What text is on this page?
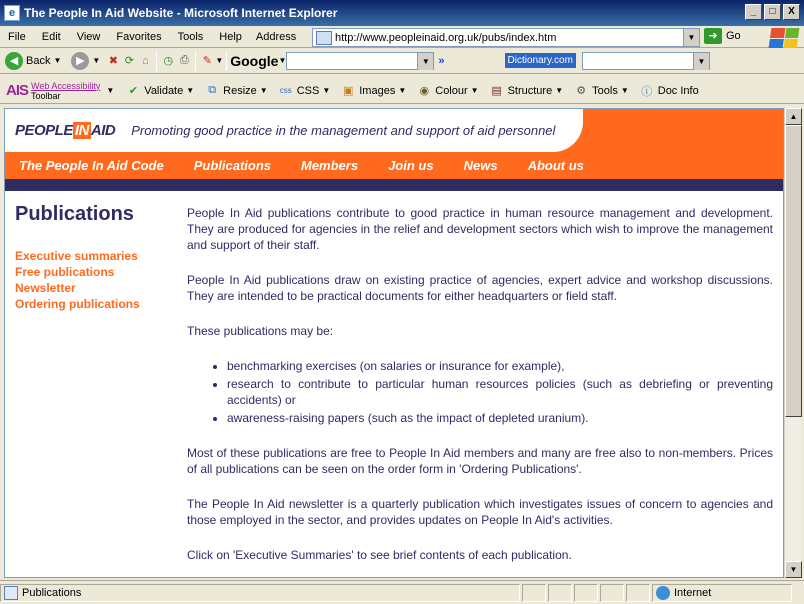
e The People In Aid Website - Microsoft Internet Explorer	_	□	X
File	Edit	View	Favorites	Tools	Help	Address	http://www.peopleinaid.org.uk/pubs/index.htm	▼	➜ Go
◀ Back ▼	▶ ▼ ✖ ⟳ ⌂	◷ ⎙	✎ ▼ Google ▼	▼ »	Dictionary.com	▼
AIS Web Accessibility
Toolbar	▼	✔ Validate ▼	⧉ Resize ▼ css CSS ▼ ▣ Images ▼ ◉ Colour ▼ ▤ Structure ▼ ⚙ Tools ▼ ⓘ Doc Info
PEOPLE IN AID Promoting good practice in the management and support of aid personnel
The People In Aid Code Publications Members Join us News About us
Publications
Executive summaries
Free publications
Newsletter
Ordering publications

People In Aid publications contribute to good practice in human resource management and development. They are produced for agencies in the relief and development sectors which wish to improve the management and support of their staff.

People In Aid publications draw on existing practice of agencies, expert advice and workshop discussions. They are intended to be practical documents for either headquarters or field staff.

These publications may be:

• benchmarking exercises (on salaries or insurance for example),
• research to contribute to particular human resources policies (such as debriefing or preventing accidents) or
• awareness-raising papers (such as the impact of depleted uranium).

Most of these publications are free to People In Aid members and many are free also to non-members. Prices of all publications can be seen on the order form in 'Ordering Publications'.

The People In Aid newsletter is a quarterly publication which investigates issues of concern to agencies and those employed in the sector, and provides updates on People In Aid's activities.

Click on 'Executive Summaries' to see brief contents of each publication.

▲
▼
Publications	Internet
